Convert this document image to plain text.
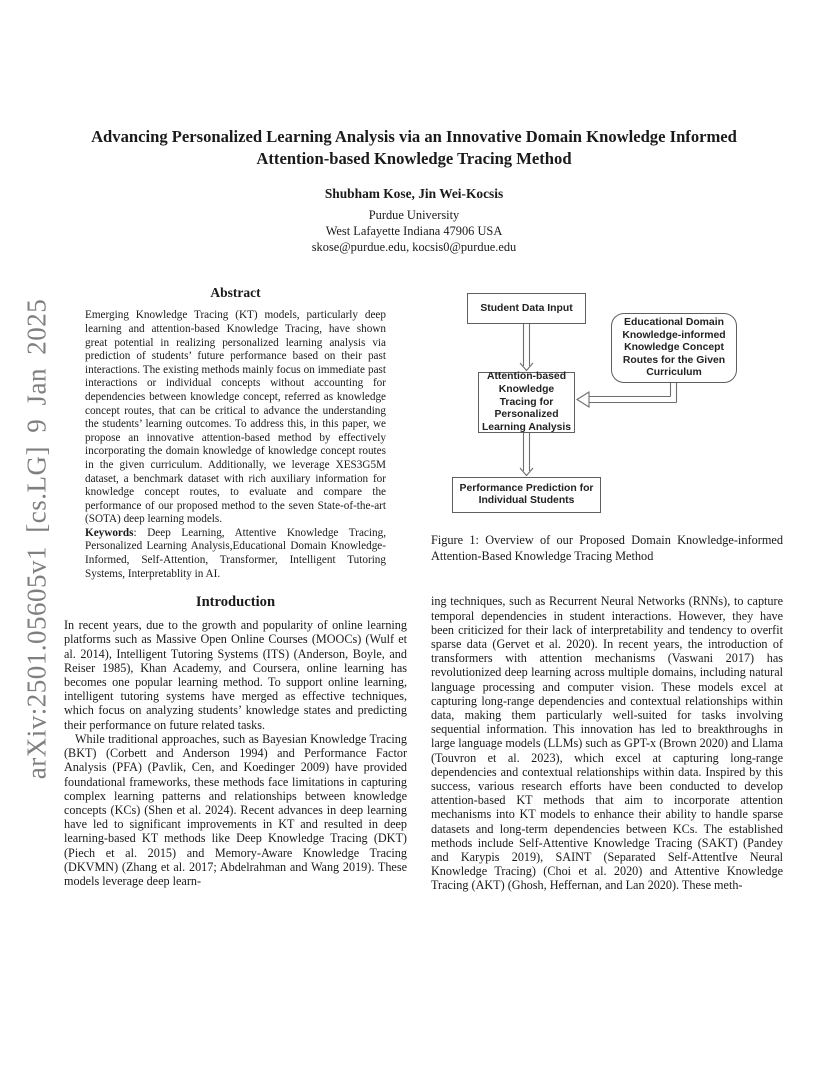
arXiv:2501.05605v1 [cs.LG] 9 Jan 2025
Advancing Personalized Learning Analysis via an Innovative Domain Knowledge Informed Attention-based Knowledge Tracing Method
Shubham Kose, Jin Wei-Kocsis
Purdue University
West Lafayette Indiana 47906 USA
skose@purdue.edu, kocsis0@purdue.edu
Abstract

Emerging Knowledge Tracing (KT) models, particularly deep learning and attention-based Knowledge Tracing, have shown great potential in realizing personalized learning analysis via prediction of students’ future performance based on their past interactions. The existing methods mainly focus on immediate past interactions or individual concepts without accounting for dependencies between knowledge concept, referred as knowledge concept routes, that can be critical to advance the understanding the students’ learning outcomes. To address this, in this paper, we propose an innovative attention-based method by effectively incorporating the domain knowledge of knowledge concept routes in the given curriculum. Additionally, we leverage XES3G5M dataset, a benchmark dataset with rich auxiliary information for knowledge concept routes, to evaluate and compare the performance of our proposed method to the seven State-of-the-art (SOTA) deep learning models.

Keywords: Deep Learning, Attentive Knowledge Tracing, Personalized Learning Analysis,Educational Domain Knowledge-Informed, Self-Attention, Transformer, Intelligent Tutoring Systems, Interpretablity in AI.

Introduction

In recent years, due to the growth and popularity of online learning platforms such as Massive Open Online Courses (MOOCs) (Wulf et al. 2014), Intelligent Tutoring Systems (ITS) (Anderson, Boyle, and Reiser 1985), Khan Academy, and Coursera, online learning has becomes one popular learning method. To support online learning, intelligent tutoring systems have merged as effective techniques, which focus on analyzing students’ knowledge states and predicting their performance on future related tasks.

While traditional approaches, such as Bayesian Knowledge Tracing (BKT) (Corbett and Anderson 1994) and Performance Factor Analysis (PFA) (Pavlik, Cen, and Koedinger 2009) have provided foundational frameworks, these methods face limitations in capturing complex learning patterns and relationships between knowledge concepts (KCs) (Shen et al. 2024). Recent advances in deep learning have led to significant improvements in KT and resulted in deep learning-based KT methods like Deep Knowledge Tracing (DKT) (Piech et al. 2015) and Memory-Aware Knowledge Tracing (DKVMN) (Zhang et al. 2017; Abdelrahman and Wang 2019). These models leverage deep learn-

Student Data Input
Educational Domain Knowledge-informed Knowledge Concept Routes for the Given Curriculum
Attention-based Knowledge Tracing for Personalized Learning Analysis
Performance Prediction for Individual Students
Figure 1: Overview of our Proposed Domain Knowledge-informed Attention-Based Knowledge Tracing Method

ing techniques, such as Recurrent Neural Networks (RNNs), to capture temporal dependencies in student interactions. However, they have been criticized for their lack of interpretability and tendency to overfit sparse data (Gervet et al. 2020). In recent years, the introduction of transformers with attention mechanisms (Vaswani 2017) has revolutionized deep learning across multiple domains, including natural language processing and computer vision. These models excel at capturing long-range dependencies and contextual relationships within data, making them particularly well-suited for tasks involving sequential information. This innovation has led to breakthroughs in large language models (LLMs) such as GPT-x (Brown 2020) and Llama (Touvron et al. 2023), which excel at capturing long-range dependencies and contextual relationships within data. Inspired by this success, various research efforts have been conducted to develop attention-based KT methods that aim to incorporate attention mechanisms into KT models to enhance their ability to handle sparse datasets and long-term dependencies between KCs. The established methods include Self-Attentive Knowledge Tracing (SAKT) (Pandey and Karypis 2019), SAINT (Separated Self-AttentIve Neural Knowledge Tracing) (Choi et al. 2020) and Attentive Knowledge Tracing (AKT) (Ghosh, Heffernan, and Lan 2020). These meth-
